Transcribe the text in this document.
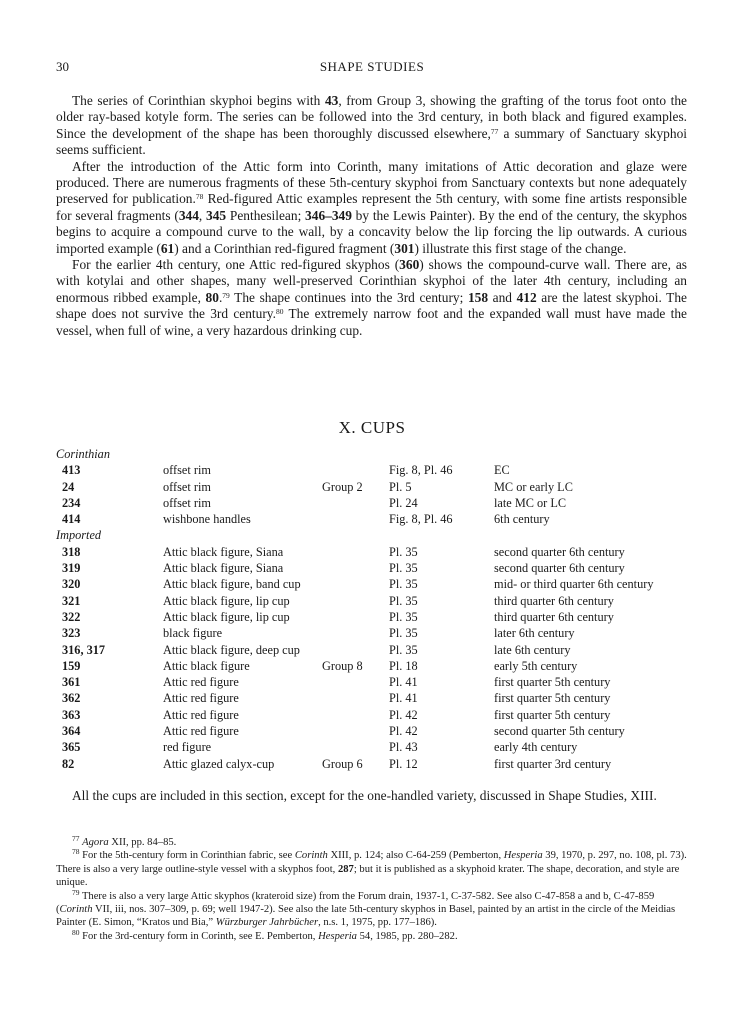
30	SHAPE STUDIES

The series of Corinthian skyphoi begins with 43, from Group 3, showing the grafting of the torus foot onto the older ray-based kotyle form. The series can be followed into the 3rd century, in both black and figured examples. Since the development of the shape has been thoroughly discussed elsewhere,$^{77}$ a summary of Sanctuary skyphoi seems sufficient.

After the introduction of the Attic form into Corinth, many imitations of Attic decoration and glaze were produced. There are numerous fragments of these 5th-century skyphoi from Sanctuary contexts but none adequately preserved for publication.$^{78}$ Red-figured Attic examples represent the 5th century, with some fine artists responsible for several fragments (344, 345 Penthesilean; 346–349 by the Lewis Painter). By the end of the century, the skyphos begins to acquire a compound curve to the wall, by a concavity below the lip forcing the lip outwards. A curious imported example (61) and a Corinthian red-figured fragment (301) illustrate this first stage of the change.

For the earlier 4th century, one Attic red-figured skyphos (360) shows the compound-curve wall. There are, as with kotylai and other shapes, many well-preserved Corinthian skyphoi of the later 4th century, including an enormous ribbed example, 80.79 The shape continues into the 3rd century; 158 and 412 are the latest skyphoi. The shape does not survive the 3rd century.$^{80}$ The extremely narrow foot and the expanded wall must have made the vessel, when full of wine, a very hazardous drinking cup.

X. CUPS
Corinthian
413	offset rim	Fig. 8, Pl. 46	EC
24	offset rim	Group 2 Pl. 5	MC or early LC
234	offset rim	Pl. 24	late MC or LC
414	wishbone handles	Fig. 8, Pl. 46	6th century
Imported
318	Attic black figure, Siana	Pl. 35	second quarter 6th century
319	Attic black figure, Siana	Pl. 35	second quarter 6th century
320	Attic black figure, band cup	Pl. 35	mid- or third quarter 6th century
321	Attic black figure, lip cup	Pl. 35	third quarter 6th century
322	Attic black figure, lip cup	Pl. 35	third quarter 6th century
323	black figure	Pl. 35	later 6th century
316, 317	Attic black figure, deep cup	Pl. 35	late 6th century
159	Attic black figure	Group 8 Pl. 18	early 5th century
361	Attic red figure	Pl. 41	first quarter 5th century
362	Attic red figure	Pl. 41	first quarter 5th century
363	Attic red figure	Pl. 42	first quarter 5th century
364	Attic red figure	Pl. 42	second quarter 5th century
365	red figure	Pl. 43	early 4th century
82	Attic glazed calyx-cup	Group 6 Pl. 12	first quarter 3rd century

All the cups are included in this section, except for the one-handled variety, discussed in Shape Studies, XIII.

$^{77}$ Agora XII, pp. 84–85.

$^{78}$ For the 5th-century form in Corinthian fabric, see Corinth XIII, p. 124; also C-64-259 (Pemberton, Hesperia 39, 1970, p. 297, no. 108, pl. 73). There is also a very large outline-style vessel with a skyphos foot, 287; but it is published as a skyphoid krater. The shape, decoration, and style are unique.

$^{79}$ There is also a very large Attic skyphos (krateroid size) from the Forum drain, 1937-1, C-37-582. See also C-47-858 a and b, C-47-859 (Corinth VII, iii, nos. 307–309, p. 69; well 1947-2). See also the late 5th-century skyphos in Basel, painted by an artist in the circle of the Meidias Painter (E. Simon, “Kratos und Bia,” Würzburger Jahrbücher, n.s. 1, 1975, pp. 177–186).

$^{80}$ For the 3rd-century form in Corinth, see E. Pemberton, Hesperia 54, 1985, pp. 280–282.
